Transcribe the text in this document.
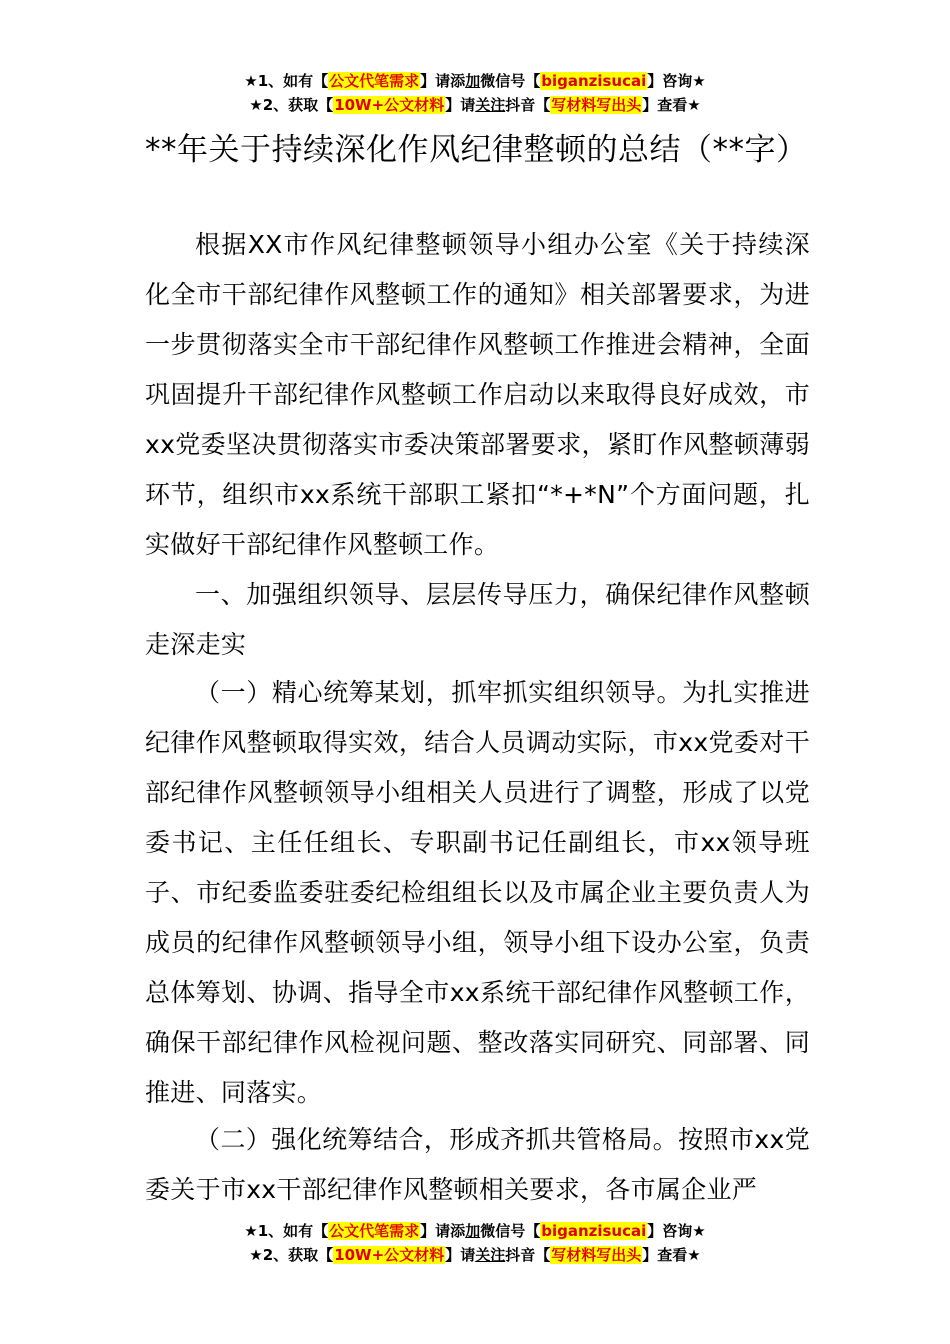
★1、如有【公文代笔需求】请添加微信号【biganzisucai】咨询★
★2、获取【10W+公文材料】请关注抖音【写材料写出头】查看★
**年关于持续深化作风纪律整顿的总结（**字）
根据XX市作风纪律整顿领导小组办公室《关于持续深化全市干部纪律作风整顿工作的通知》相关部署要求，为进一步贯彻落实全市干部纪律作风整顿工作推进会精神，全面巩固提升干部纪律作风整顿工作启动以来取得良好成效，市xx党委坚决贯彻落实市委决策部署要求，紧盯作风整顿薄弱环节，组织市xx系统干部职工紧扣“*+*N”个方面问题，扎实做好干部纪律作风整顿工作。
一、加强组织领导、层层传导压力，确保纪律作风整顿走深走实
（一）精心统筹某划，抓牢抓实组织领导。为扎实推进纪律作风整顿取得实效，结合人员调动实际，市xx党委对干部纪律作风整顿领导小组相关人员进行了调整，形成了以党委书记、主任任组长、专职副书记任副组长，市xx领导班子、市纪委监委驻委纪检组组长以及市属企业主要负责人为成员的纪律作风整顿领导小组，领导小组下设办公室，负责总体筹划、协调、指导全市xx系统干部纪律作风整顿工作，确保干部纪律作风检视问题、整改落实同研究、同部署、同推进、同落实。
（二）强化统筹结合，形成齐抓共管格局。按照市xx党委关于市xx干部纪律作风整顿相关要求，各市属企业严
★1、如有【公文代笔需求】请添加微信号【biganzisucai】咨询★
★2、获取【10W+公文材料】请关注抖音【写材料写出头】查看★
